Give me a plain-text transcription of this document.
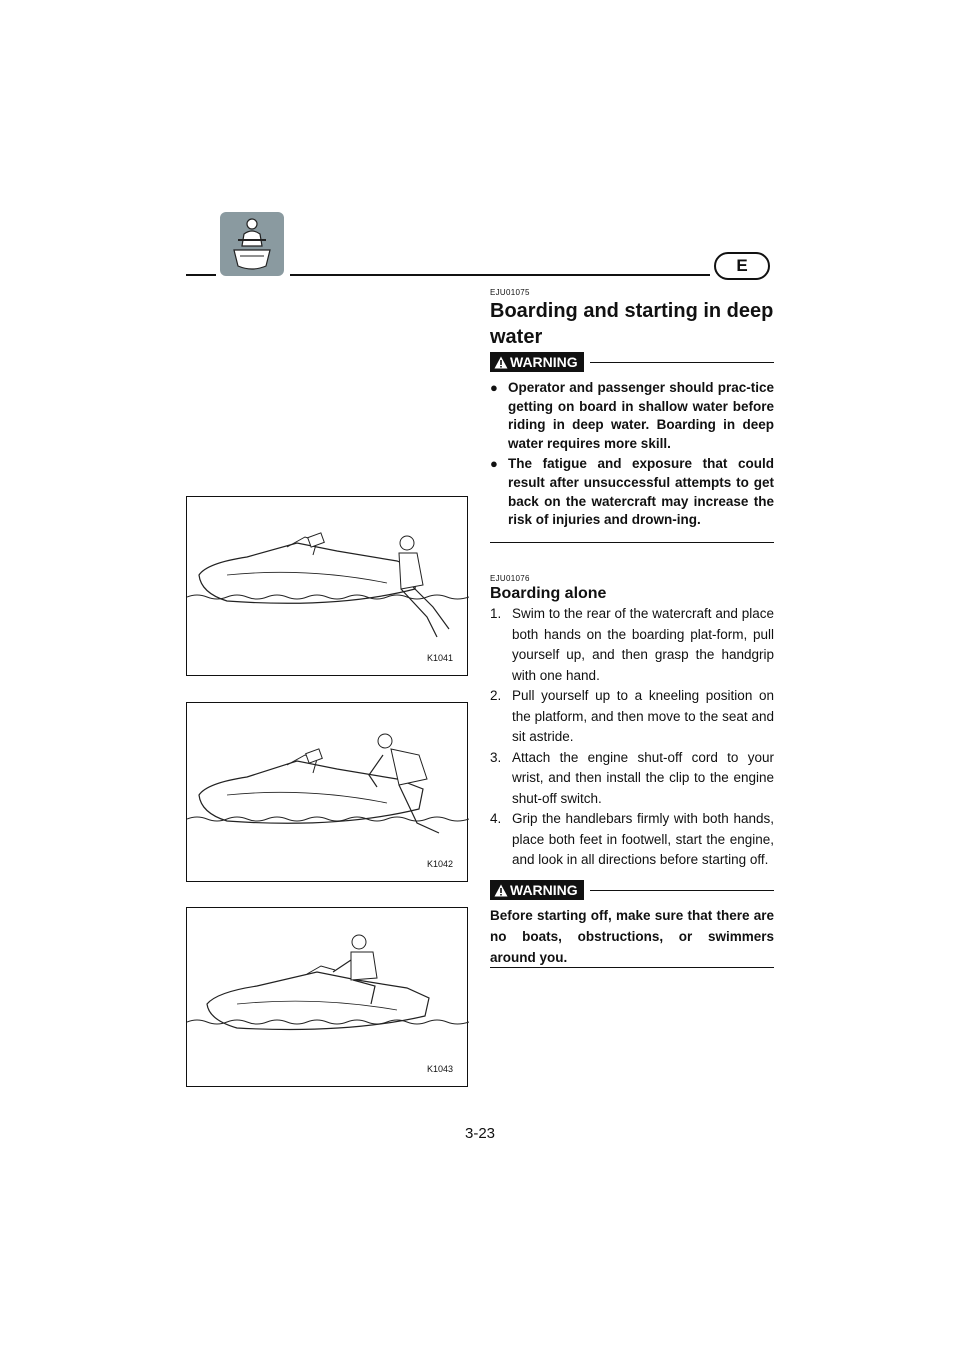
E
EJU01075
Boarding and starting in deep water
WARNING
● Operator and passenger should prac-tice getting on board in shallow water before riding in deep water. Boarding in deep water requires more skill.
● The fatigue and exposure that could result after unsuccessful attempts to get back on the watercraft may increase the risk of injuries and drown-ing.
EJU01076
Boarding alone
1. Swim to the rear of the watercraft and place both hands on the boarding plat-form, pull yourself up, and then grasp the handgrip with one hand.
2. Pull yourself up to a kneeling position on the platform, and then move to the seat and sit astride.
3. Attach the engine shut-off cord to your wrist, and then install the clip to the engine shut-off switch.
4. Grip the handlebars firmly with both hands, place both feet in footwell, start the engine, and look in all directions before starting off.
WARNING
Before starting off, make sure that there are no boats, obstructions, or swimmers around you.
K1041
K1042
K1043
3-23
